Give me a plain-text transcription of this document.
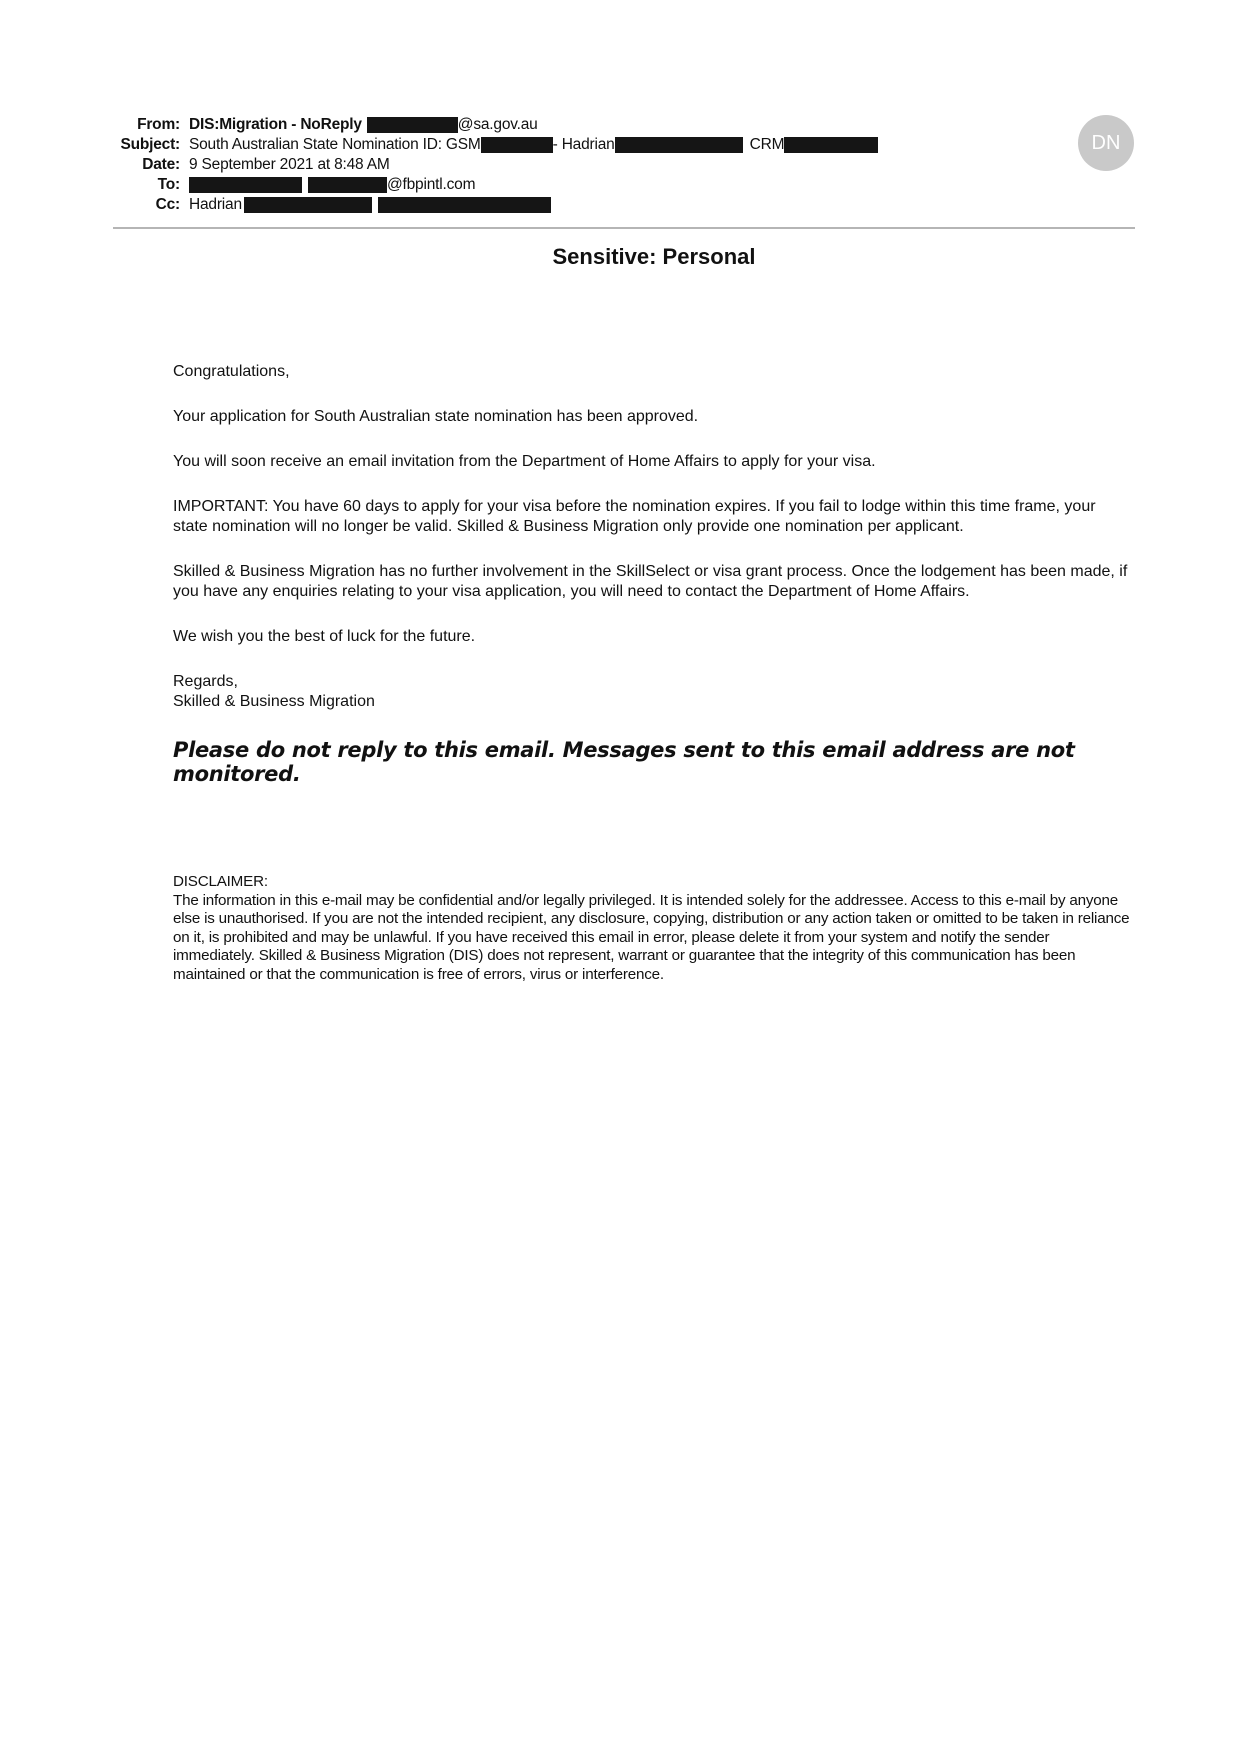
From: DIS:Migration - NoReply	@sa.gov.au
Subject: South Australian State Nomination ID: GSM	- Hadrian	CRM
Date: 9 September 2021 at 8:48 AM
To:	@fbpintl.com
Cc: Hadrian
DN
Sensitive: Personal

Congratulations,

Your application for South Australian state nomination has been approved.

You will soon receive an email invitation from the Department of Home Affairs to apply for your visa.

IMPORTANT: You have 60 days to apply for your visa before the nomination expires. If you fail to lodge within this time frame, your state nomination will no longer be valid. Skilled & Business Migration only provide one nomination per applicant.

Skilled & Business Migration has no further involvement in the SkillSelect or visa grant process. Once the lodgement has been made, if you have any enquiries relating to your visa application, you will need to contact the Department of Home Affairs.

We wish you the best of luck for the future.

Regards,
Skilled & Business Migration
Please do not reply to this email. Messages sent to this email address are not monitored.
DISCLAIMER:
The information in this e-mail may be confidential and/or legally privileged. It is intended solely for the addressee. Access to this e-mail by anyone else is unauthorised. If you are not the intended recipient, any disclosure, copying, distribution or any action taken or omitted to be taken in reliance on it, is prohibited and may be unlawful. If you have received this email in error, please delete it from your system and notify the sender immediately. Skilled & Business Migration (DIS) does not represent, warrant or guarantee that the integrity of this communication has been maintained or that the communication is free of errors, virus or interference.
